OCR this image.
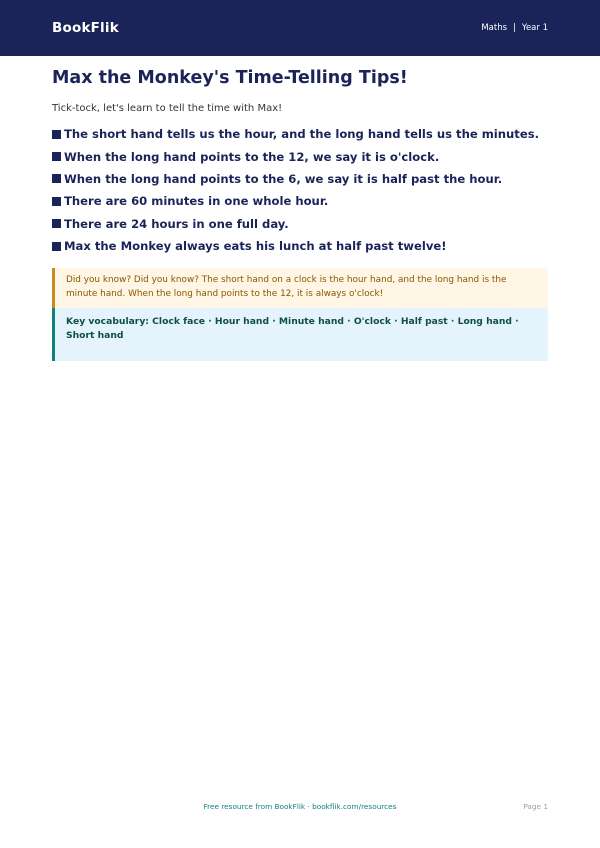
BookFlik	Maths | Year 1
Max the Monkey's Time-Telling Tips!

Tick-tock, let's learn to tell the time with Max!

The short hand tells us the hour, and the long hand tells us the minutes.
When the long hand points to the 12, we say it is o'clock.
When the long hand points to the 6, we say it is half past the hour.
There are 60 minutes in one whole hour.
There are 24 hours in one full day.
Max the Monkey always eats his lunch at half past twelve!
Did you know? Did you know? The short hand on a clock is the hour hand, and the long hand is the minute hand. When the long hand points to the 12, it is always o'clock!
Key vocabulary: Clock face · Hour hand · Minute hand · O'clock · Half past · Long hand · Short hand
Free resource from BookFlik · bookflik.com/resources	Page 1
